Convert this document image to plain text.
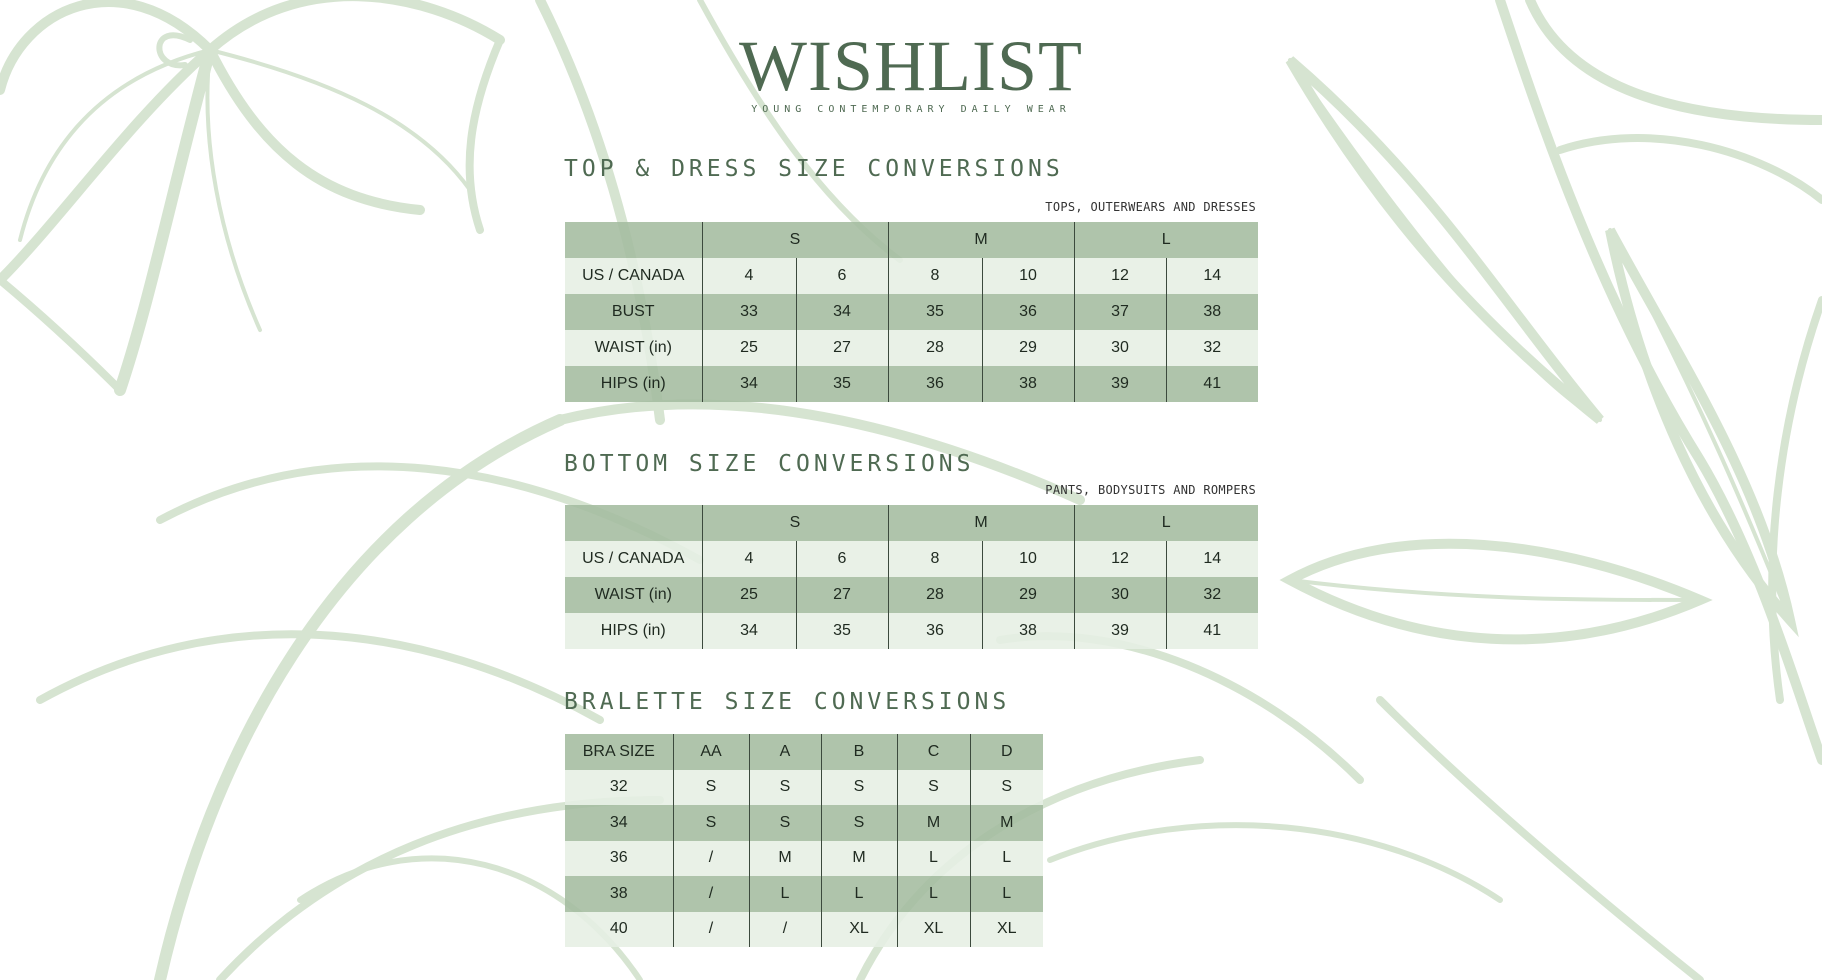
WISHLIST
YOUNG CONTEMPORARY DAILY WEAR
TOP & DRESS SIZE CONVERSIONS
TOPS, OUTERWEARS AND DRESSES
	S		M		L	
US / CANADA	4	6	8	10	12	14
BUST	33	34	35	36	37	38
WAIST (in)	25	27	28	29	30	32
HIPS (in)	34	35	36	38	39	41
BOTTOM SIZE CONVERSIONS
PANTS, BODYSUITS AND ROMPERS
	S		M		L	
US / CANADA	4	6	8	10	12	14
WAIST (in)	25	27	28	29	30	32
HIPS (in)	34	35	36	38	39	41
BRALETTE SIZE CONVERSIONS
BRA SIZE	AA	A	B	C	D
32	S	S	S	S	S
34	S	S	S	M	M
36	/	M	M	L	L
38	/	L	L	L	L
40	/	/	XL	XL	XL
